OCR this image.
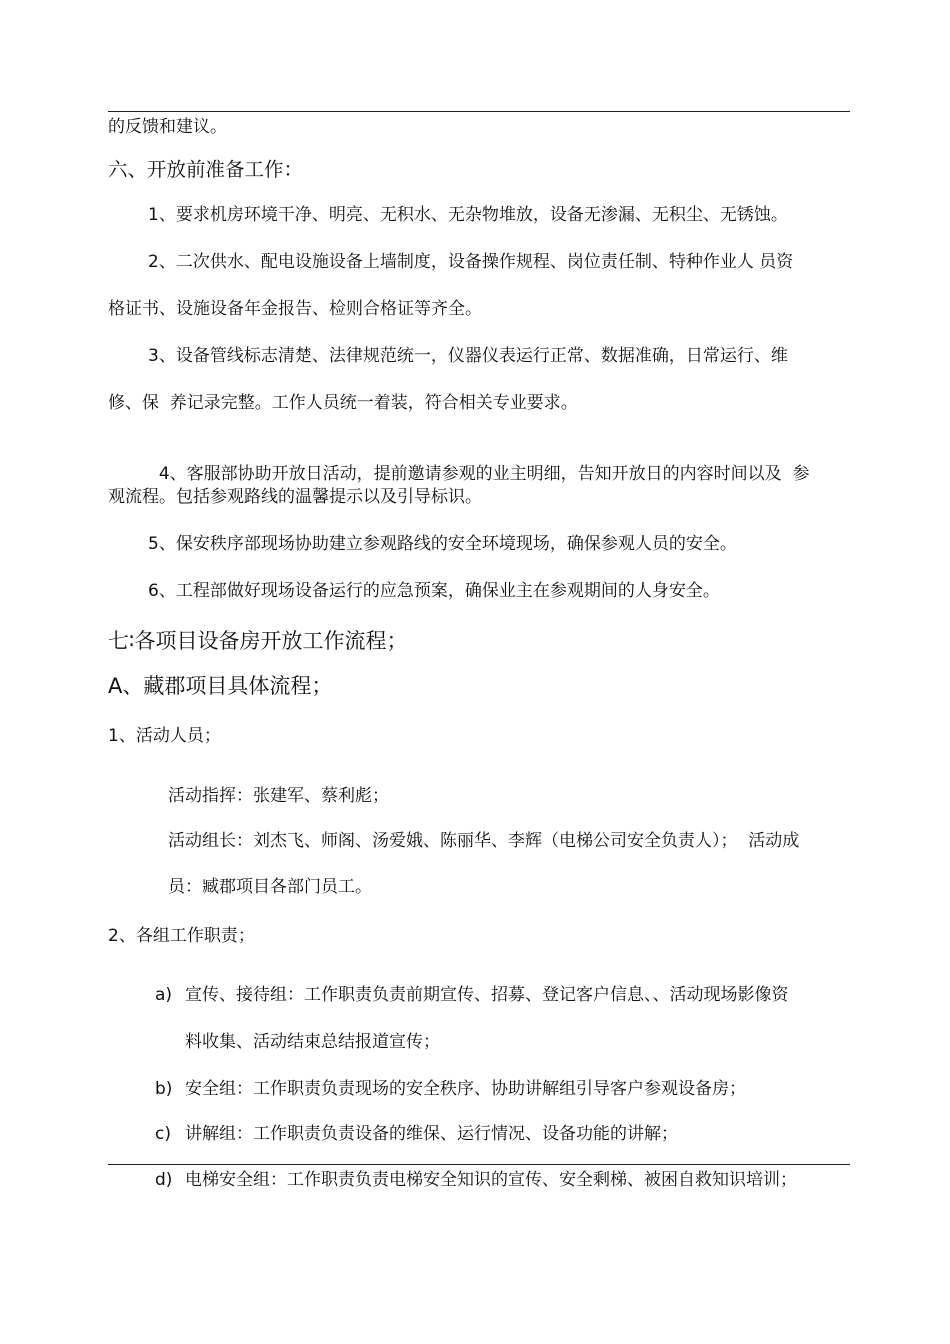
的反馈和建议。
六、开放前准备工作：
1、要求机房环境干净、明亮、无积水、无杂物堆放，设备无渗漏、无积尘、无锈蚀。
2、 二次供水、配电设施设备上墙制度，设备操作规程、岗位责任制、特种作业人 员资
格证书、设施设备年金报告、检则合格证等齐全。
3、设备管线标志清楚、法律规范统一，仪器仪表运行正常、数据准确，日常运行、维
修、保  养记录完整。工作人员统一着装，符合相关专业要求。

4、客服部协助开放日活动，提前邀请参观的业主明细，告知开放日的内容时间以及  参

观流程。包括参观路线的温馨提示以及引导标识。
5、保安秩序部现场协助建立参观路线的安全环境现场，确保参观人员的安全。
6、工程部做好现场设备运行的应急预案，确保业主在参观期间的人身安全。
七∶各项目设备房开放工作流程；
A、藏郡项目具体流程；
1、活动人员；
活动指挥：张建军、蔡利彪；
活动组长：刘杰飞、师阁、汤爱娥、陈丽华、李辉（电梯公司安全负责人）；  活动成
员：臧郡项目各部门员工。
2、各组工作职责；
a) 宣传、接待组：工作职责负责前期宣传、招募、登记客户信息、、活动现场影像资
料收集、活动结束总结报道宣传；
b) 安全组：工作职责负责现场的安全秩序、协助讲解组引导客户参观设备房；
c) 讲解组：工作职责负责设备的维保、运行情况、设备功能的讲解；
d) 电梯安全组：工作职责负责电梯安全知识的宣传、安全剩梯、被困自救知识培训；
